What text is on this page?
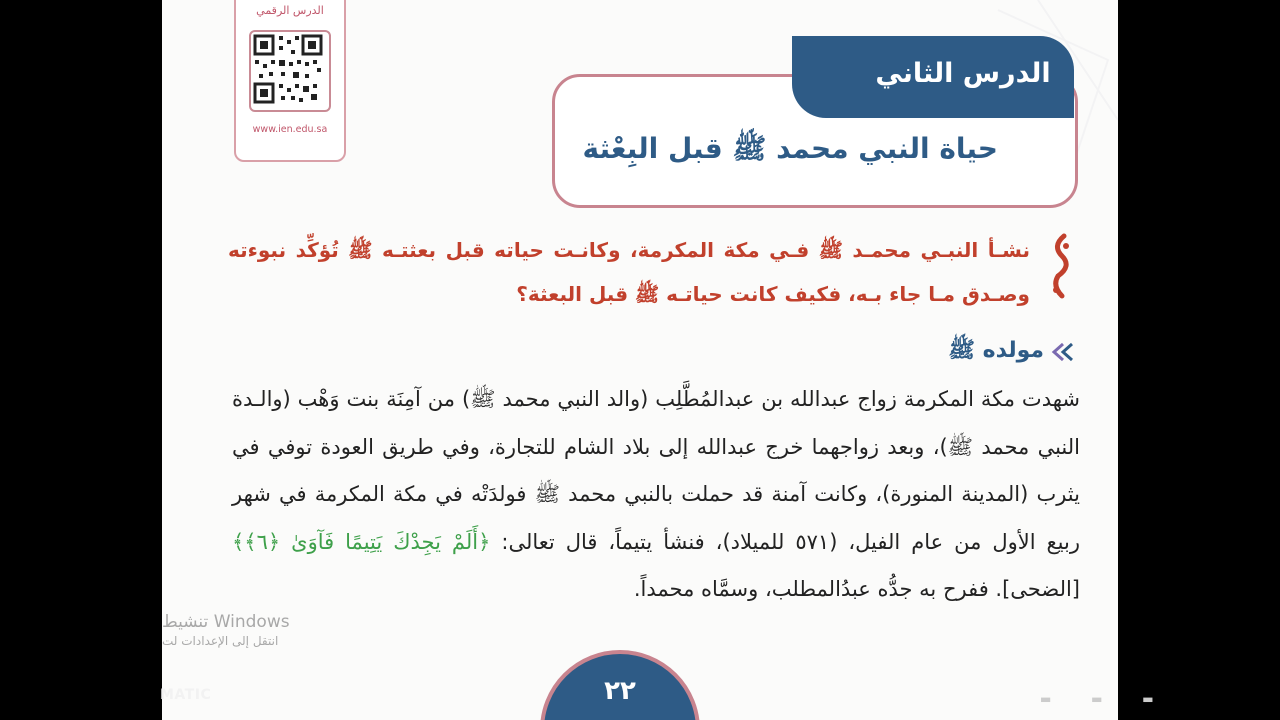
الدرس الرقمي
www.ien.edu.sa
الدرس الثاني
حياة النبي محمد ﷺ قبل البِعْثة
نشـأ النبـي محمـد ﷺ فـي مكة المكرمة، وكانـت حياته قبل بعثتـه ﷺ تُؤكِّد نبوءته وصـدق مـا جاء بـه، فكيف كانت حياتـه ﷺ قبل البعثة؟
مولده ﷺ
شهدت مكة المكرمة زواج عبدالله بن عبدالمُطَّلِب (والد النبي محمد ﷺ) من آمِنَة بنت وَهْب (والـدة النبي محمد ﷺ)، وبعد زواجهما خرج عبدالله إلى بلاد الشام للتجارة، وفي طريق العودة توفي في يثرب (المدينة المنورة)، وكانت آمنة قد حملت بالنبي محمد ﷺ فولدَتْه في مكة المكرمة في شهر ربيع الأول من عام الفيل، (٥٧١ للميلاد)، فنشأ يتيماً، قال تعالى: ﴿أَلَمْ يَجِدْكَ يَتِيمًا فَآوَىٰ ﴿٦﴾﴾ [الضحى]. ففرح به جدُّه عبدُالمطلب، وسمَّاه محمداً.
٢٢
تنشيط Windows
انتقل إلى الإعدادات لت
MATIC	▬ ▬ ▬
